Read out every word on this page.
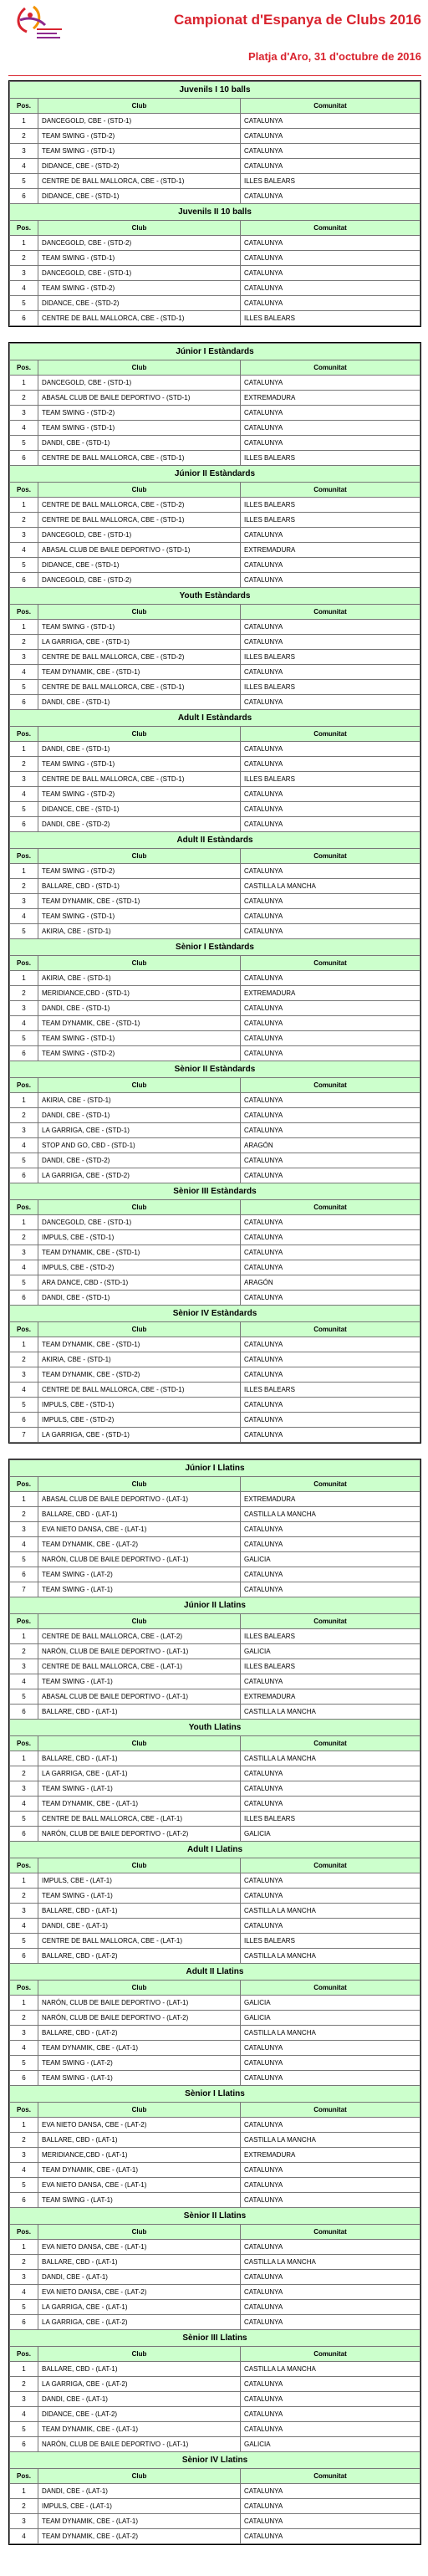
Campionat d'Espanya de Clubs 2016
Platja d'Aro, 31 d'octubre de 2016
Juvenils I 10 balls		
Pos.	Club	Comunitat
1	DANCEGOLD, CBE - (STD-1)	CATALUNYA
2	TEAM SWING - (STD-2)	CATALUNYA
3	TEAM SWING - (STD-1)	CATALUNYA
4	DIDANCE, CBE - (STD-2)	CATALUNYA
5	CENTRE DE BALL MALLORCA, CBE - (STD-1)	ILLES BALEARS
6	DIDANCE, CBE - (STD-1)	CATALUNYA
Juvenils II 10 balls		
Pos.	Club	Comunitat
1	DANCEGOLD, CBE - (STD-2)	CATALUNYA
2	TEAM SWING - (STD-1)	CATALUNYA
3	DANCEGOLD, CBE - (STD-1)	CATALUNYA
4	TEAM SWING - (STD-2)	CATALUNYA
5	DIDANCE, CBE - (STD-2)	CATALUNYA
6	CENTRE DE BALL MALLORCA, CBE - (STD-1)	ILLES BALEARS
Júnior I Estàndards		
Pos.	Club	Comunitat
1	DANCEGOLD, CBE - (STD-1)	CATALUNYA
2	ABASAL CLUB DE BAILE DEPORTIVO - (STD-1)	EXTREMADURA
3	TEAM SWING - (STD-2)	CATALUNYA
4	TEAM SWING - (STD-1)	CATALUNYA
5	DANDI, CBE - (STD-1)	CATALUNYA
6	CENTRE DE BALL MALLORCA, CBE - (STD-1)	ILLES BALEARS
Júnior II Estàndards		
Pos.	Club	Comunitat
1	CENTRE DE BALL MALLORCA, CBE - (STD-2)	ILLES BALEARS
2	CENTRE DE BALL MALLORCA, CBE - (STD-1)	ILLES BALEARS
3	DANCEGOLD, CBE - (STD-1)	CATALUNYA
4	ABASAL CLUB DE BAILE DEPORTIVO - (STD-1)	EXTREMADURA
5	DIDANCE, CBE - (STD-1)	CATALUNYA
6	DANCEGOLD, CBE - (STD-2)	CATALUNYA
Youth Estàndards		
Pos.	Club	Comunitat
1	TEAM SWING - (STD-1)	CATALUNYA
2	LA GARRIGA, CBE - (STD-1)	CATALUNYA
3	CENTRE DE BALL MALLORCA, CBE - (STD-2)	ILLES BALEARS
4	TEAM DYNAMIK, CBE - (STD-1)	CATALUNYA
5	CENTRE DE BALL MALLORCA, CBE - (STD-1)	ILLES BALEARS
6	DANDI, CBE - (STD-1)	CATALUNYA
Adult I Estàndards		
Pos.	Club	Comunitat
1	DANDI, CBE - (STD-1)	CATALUNYA
2	TEAM SWING - (STD-1)	CATALUNYA
3	CENTRE DE BALL MALLORCA, CBE - (STD-1)	ILLES BALEARS
4	TEAM SWING - (STD-2)	CATALUNYA
5	DIDANCE, CBE - (STD-1)	CATALUNYA
6	DANDI, CBE - (STD-2)	CATALUNYA
Adult II Estàndards		
Pos.	Club	Comunitat
1	TEAM SWING - (STD-2)	CATALUNYA
2	BALLARE, CBD - (STD-1)	CASTILLA LA MANCHA
3	TEAM DYNAMIK, CBE - (STD-1)	CATALUNYA
4	TEAM SWING - (STD-1)	CATALUNYA
5	AKIRIA, CBE - (STD-1)	CATALUNYA
Sènior I Estàndards		
Pos.	Club	Comunitat
1	AKIRIA, CBE - (STD-1)	CATALUNYA
2	MERIDIANCE,CBD - (STD-1)	EXTREMADURA
3	DANDI, CBE - (STD-1)	CATALUNYA
4	TEAM DYNAMIK, CBE - (STD-1)	CATALUNYA
5	TEAM SWING - (STD-1)	CATALUNYA
6	TEAM SWING - (STD-2)	CATALUNYA
Sènior II Estàndards		
Pos.	Club	Comunitat
1	AKIRIA, CBE - (STD-1)	CATALUNYA
2	DANDI, CBE - (STD-1)	CATALUNYA
3	LA GARRIGA, CBE - (STD-1)	CATALUNYA
4	STOP AND GO, CBD - (STD-1)	ARAGÓN
5	DANDI, CBE - (STD-2)	CATALUNYA
6	LA GARRIGA, CBE - (STD-2)	CATALUNYA
Sènior III Estàndards		
Pos.	Club	Comunitat
1	DANCEGOLD, CBE - (STD-1)	CATALUNYA
2	IMPULS, CBE - (STD-1)	CATALUNYA
3	TEAM DYNAMIK, CBE - (STD-1)	CATALUNYA
4	IMPULS, CBE - (STD-2)	CATALUNYA
5	ARA DANCE, CBD - (STD-1)	ARAGÓN
6	DANDI, CBE - (STD-1)	CATALUNYA
Sènior IV Estàndards		
Pos.	Club	Comunitat
1	TEAM DYNAMIK, CBE - (STD-1)	CATALUNYA
2	AKIRIA, CBE - (STD-1)	CATALUNYA
3	TEAM DYNAMIK, CBE - (STD-2)	CATALUNYA
4	CENTRE DE BALL MALLORCA, CBE - (STD-1)	ILLES BALEARS
5	IMPULS, CBE - (STD-1)	CATALUNYA
6	IMPULS, CBE - (STD-2)	CATALUNYA
7	LA GARRIGA, CBE - (STD-1)	CATALUNYA
Júnior I Llatins		
Pos.	Club	Comunitat
1	ABASAL CLUB DE BAILE DEPORTIVO - (LAT-1)	EXTREMADURA
2	BALLARE, CBD - (LAT-1)	CASTILLA LA MANCHA
3	EVA NIETO DANSA, CBE - (LAT-1)	CATALUNYA
4	TEAM DYNAMIK, CBE - (LAT-2)	CATALUNYA
5	NARÓN, CLUB DE BAILE DEPORTIVO - (LAT-1)	GALICIA
6	TEAM SWING - (LAT-2)	CATALUNYA
7	TEAM SWING - (LAT-1)	CATALUNYA
Júnior II Llatins		
Pos.	Club	Comunitat
1	CENTRE DE BALL MALLORCA, CBE - (LAT-2)	ILLES BALEARS
2	NARÓN, CLUB DE BAILE DEPORTIVO - (LAT-1)	GALICIA
3	CENTRE DE BALL MALLORCA, CBE - (LAT-1)	ILLES BALEARS
4	TEAM SWING - (LAT-1)	CATALUNYA
5	ABASAL CLUB DE BAILE DEPORTIVO - (LAT-1)	EXTREMADURA
6	BALLARE, CBD - (LAT-1)	CASTILLA LA MANCHA
Youth Llatins		
Pos.	Club	Comunitat
1	BALLARE, CBD - (LAT-1)	CASTILLA LA MANCHA
2	LA GARRIGA, CBE - (LAT-1)	CATALUNYA
3	TEAM SWING - (LAT-1)	CATALUNYA
4	TEAM DYNAMIK, CBE - (LAT-1)	CATALUNYA
5	CENTRE DE BALL MALLORCA, CBE - (LAT-1)	ILLES BALEARS
6	NARÓN, CLUB DE BAILE DEPORTIVO - (LAT-2)	GALICIA
Adult I Llatins		
Pos.	Club	Comunitat
1	IMPULS, CBE - (LAT-1)	CATALUNYA
2	TEAM SWING - (LAT-1)	CATALUNYA
3	BALLARE, CBD - (LAT-1)	CASTILLA LA MANCHA
4	DANDI, CBE - (LAT-1)	CATALUNYA
5	CENTRE DE BALL MALLORCA, CBE - (LAT-1)	ILLES BALEARS
6	BALLARE, CBD - (LAT-2)	CASTILLA LA MANCHA
Adult II Llatins		
Pos.	Club	Comunitat
1	NARÓN, CLUB DE BAILE DEPORTIVO - (LAT-1)	GALICIA
2	NARÓN, CLUB DE BAILE DEPORTIVO - (LAT-2)	GALICIA
3	BALLARE, CBD - (LAT-2)	CASTILLA LA MANCHA
4	TEAM DYNAMIK, CBE - (LAT-1)	CATALUNYA
5	TEAM SWING - (LAT-2)	CATALUNYA
6	TEAM SWING - (LAT-1)	CATALUNYA
Sènior I Llatins		
Pos.	Club	Comunitat
1	EVA NIETO DANSA, CBE - (LAT-2)	CATALUNYA
2	BALLARE, CBD - (LAT-1)	CASTILLA LA MANCHA
3	MERIDIANCE,CBD - (LAT-1)	EXTREMADURA
4	TEAM DYNAMIK, CBE - (LAT-1)	CATALUNYA
5	EVA NIETO DANSA, CBE - (LAT-1)	CATALUNYA
6	TEAM SWING - (LAT-1)	CATALUNYA
Sènior II Llatins		
Pos.	Club	Comunitat
1	EVA NIETO DANSA, CBE - (LAT-1)	CATALUNYA
2	BALLARE, CBD - (LAT-1)	CASTILLA LA MANCHA
3	DANDI, CBE - (LAT-1)	CATALUNYA
4	EVA NIETO DANSA, CBE - (LAT-2)	CATALUNYA
5	LA GARRIGA, CBE - (LAT-1)	CATALUNYA
6	LA GARRIGA, CBE - (LAT-2)	CATALUNYA
Sènior III Llatins		
Pos.	Club	Comunitat
1	BALLARE, CBD - (LAT-1)	CASTILLA LA MANCHA
2	LA GARRIGA, CBE - (LAT-2)	CATALUNYA
3	DANDI, CBE - (LAT-1)	CATALUNYA
4	DIDANCE, CBE - (LAT-2)	CATALUNYA
5	TEAM DYNAMIK, CBE - (LAT-1)	CATALUNYA
6	NARÓN, CLUB DE BAILE DEPORTIVO - (LAT-1)	GALICIA
Sènior IV Llatins		
Pos.	Club	Comunitat
1	DANDI, CBE - (LAT-1)	CATALUNYA
2	IMPULS, CBE - (LAT-1)	CATALUNYA
3	TEAM DYNAMIK, CBE - (LAT-1)	CATALUNYA
4	TEAM DYNAMIK, CBE - (LAT-2)	CATALUNYA
